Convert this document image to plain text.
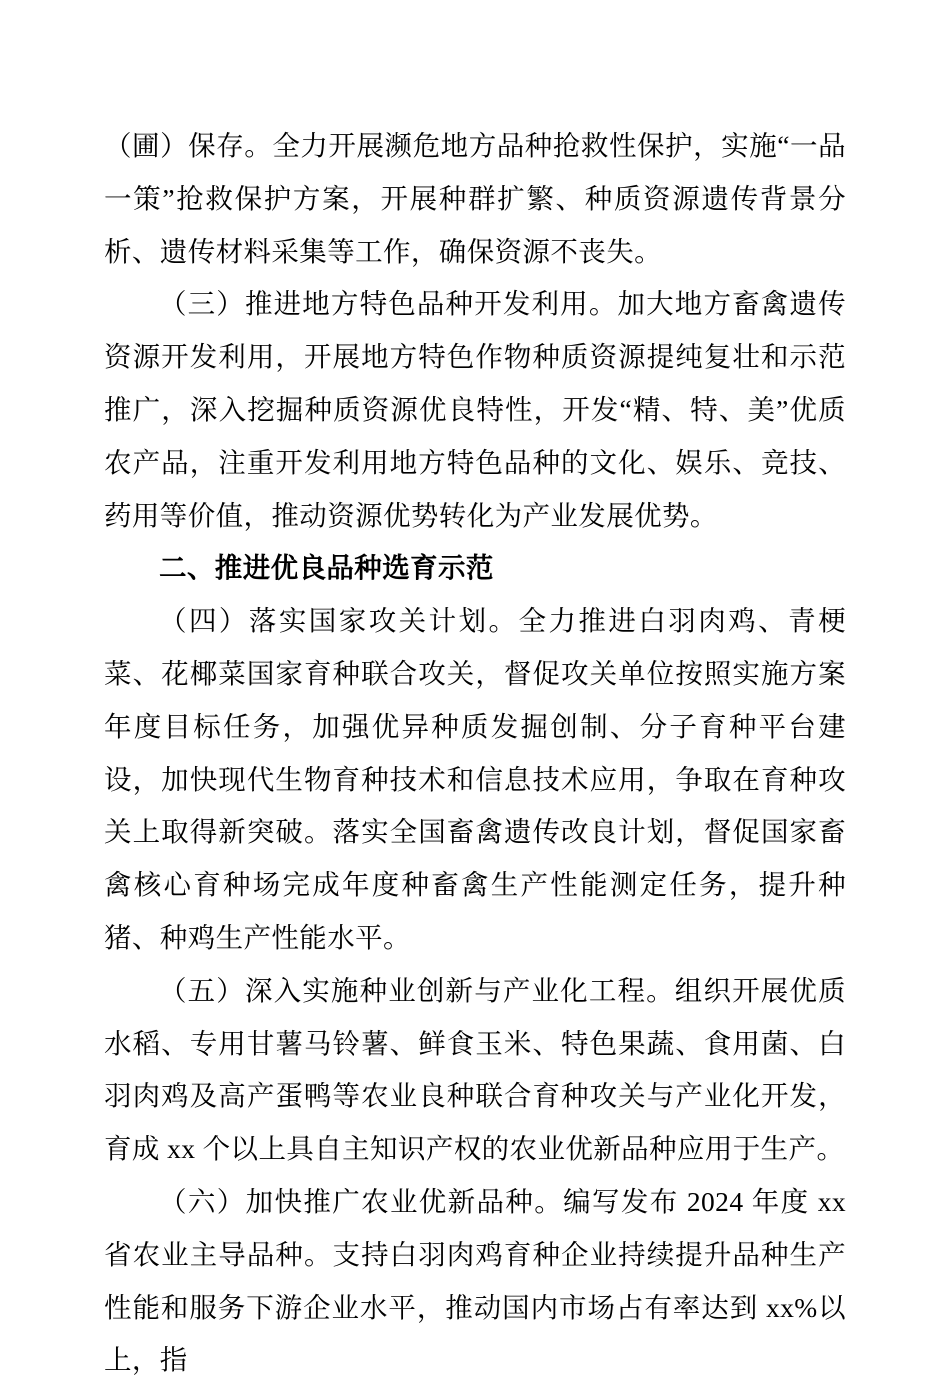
（圃）保存。全力开展濒危地方品种抢救性保护，实施“一品一策”抢救保护方案，开展种群扩繁、种质资源遗传背景分析、遗传材料采集等工作，确保资源不丧失。

（三）推进地方特色品种开发利用。加大地方畜禽遗传资源开发利用，开展地方特色作物种质资源提纯复壮和示范推广，深入挖掘种质资源优良特性，开发“精、特、美”优质农产品，注重开发利用地方特色品种的文化、娱乐、竞技、药用等价值，推动资源优势转化为产业发展优势。

二、推进优良品种选育示范

（四）落实国家攻关计划。全力推进白羽肉鸡、青梗菜、花椰菜国家育种联合攻关，督促攻关单位按照实施方案年度目标任务，加强优异种质发掘创制、分子育种平台建设，加快现代生物育种技术和信息技术应用，争取在育种攻关上取得新突破。落实全国畜禽遗传改良计划，督促国家畜禽核心育种场完成年度种畜禽生产性能测定任务，提升种猪、种鸡生产性能水平。

（五）深入实施种业创新与产业化工程。组织开展优质水稻、专用甘薯马铃薯、鲜食玉米、特色果蔬、食用菌、白羽肉鸡及高产蛋鸭等农业良种联合育种攻关与产业化开发，育成 xx 个以上具自主知识产权的农业优新品种应用于生产。

（六）加快推广农业优新品种。编写发布 2024 年度 xx 省农业主导品种。支持白羽肉鸡育种企业持续提升品种生产性能和服务下游企业水平，推动国内市场占有率达到 xx%以上，指
